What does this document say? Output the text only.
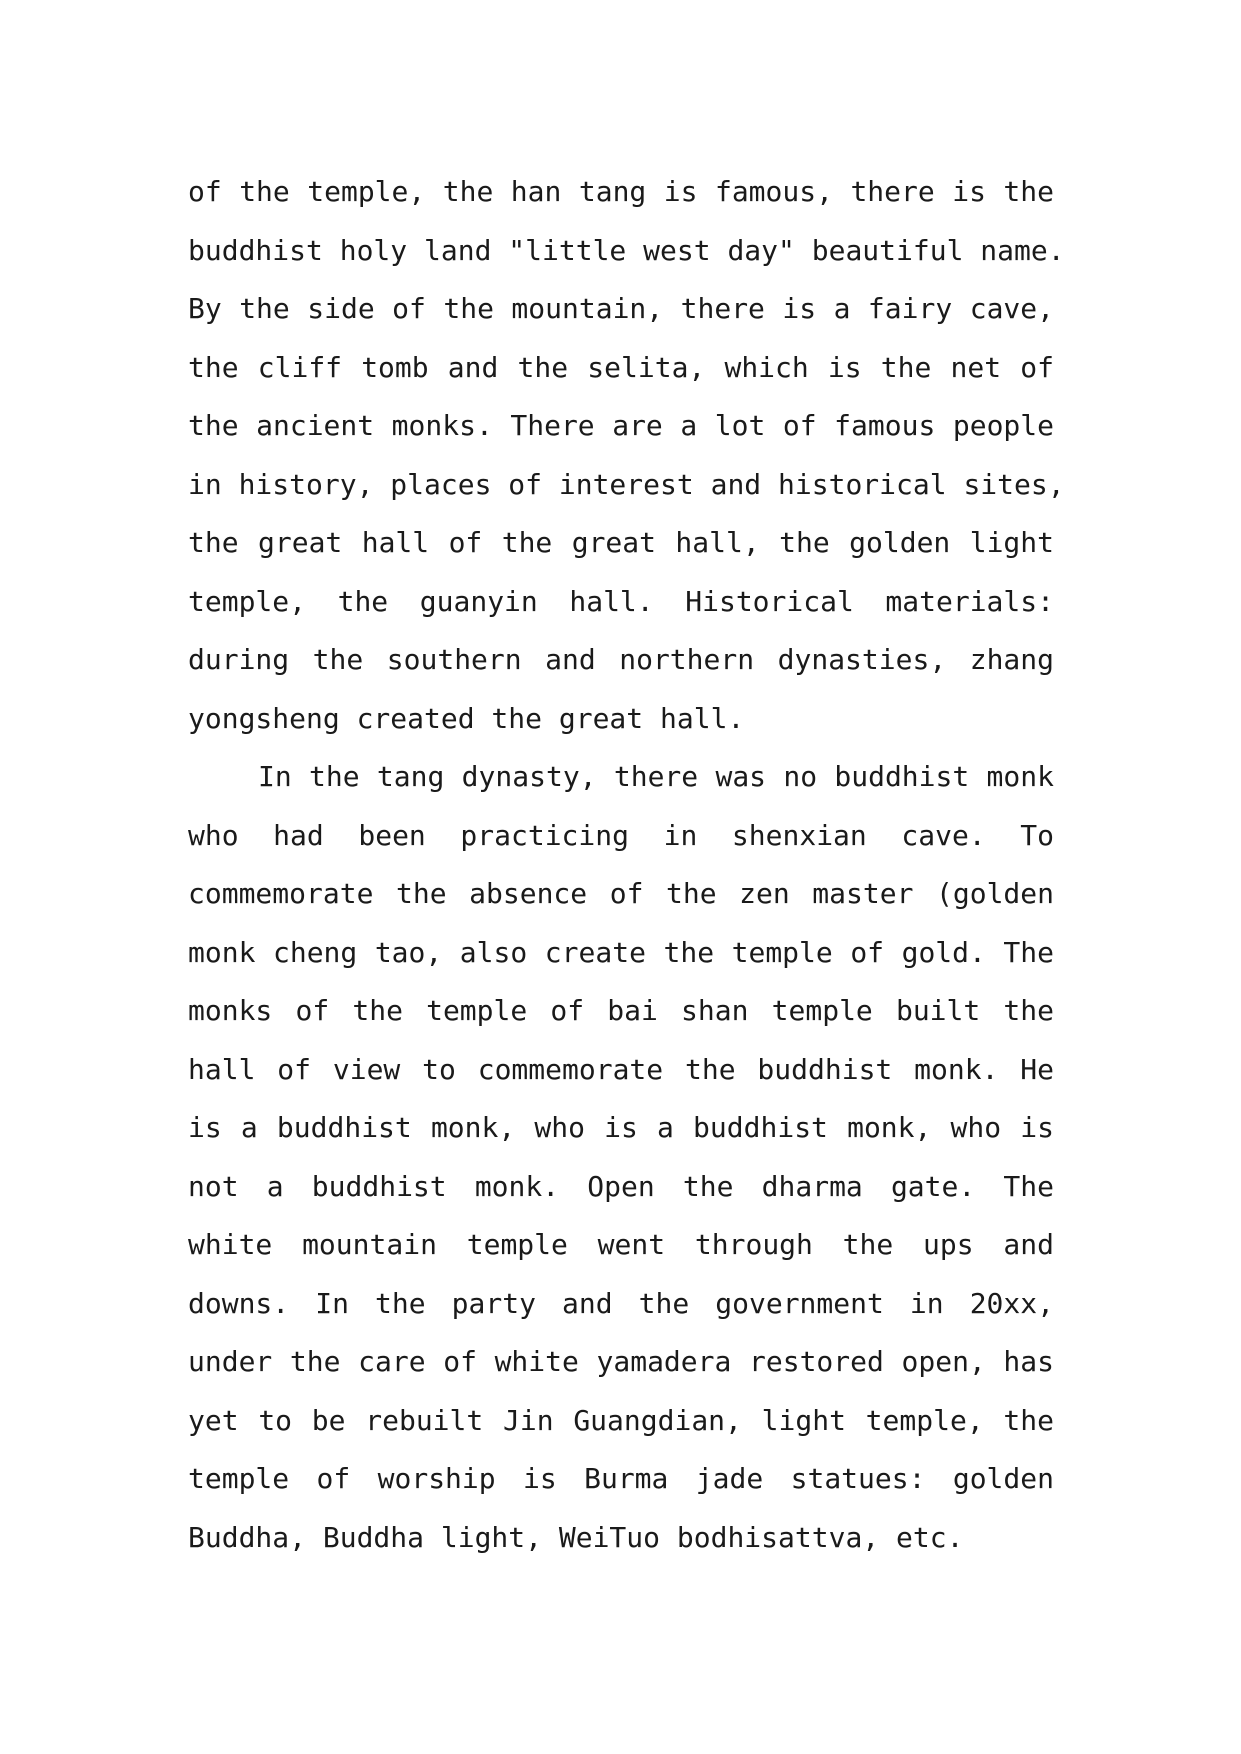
of the temple, the han tang is famous, there is the
buddhist holy land "little west day" beautiful name.
By the side of the mountain, there is a fairy cave,
the cliff tomb and the selita, which is the net of
the ancient monks. There are a lot of famous people
in history, places of interest and historical sites,
the great hall of the great hall, the golden light
temple, the guanyin hall. Historical materials:
during the southern and northern dynasties, zhang
yongsheng created the great hall.
In the tang dynasty, there was no buddhist monk
who had been practicing in shenxian cave. To
commemorate the absence of the zen master (golden
monk cheng tao, also create the temple of gold. The
monks of the temple of bai shan temple built the
hall of view to commemorate the buddhist monk. He
is a buddhist monk, who is a buddhist monk, who is
not a buddhist monk. Open the dharma gate. The
white mountain temple went through the ups and
downs. In the party and the government in 20xx,
under the care of white yamadera restored open, has
yet to be rebuilt Jin Guangdian, light temple, the
temple of worship is Burma jade statues: golden
Buddha, Buddha light, WeiTuo bodhisattva, etc.
